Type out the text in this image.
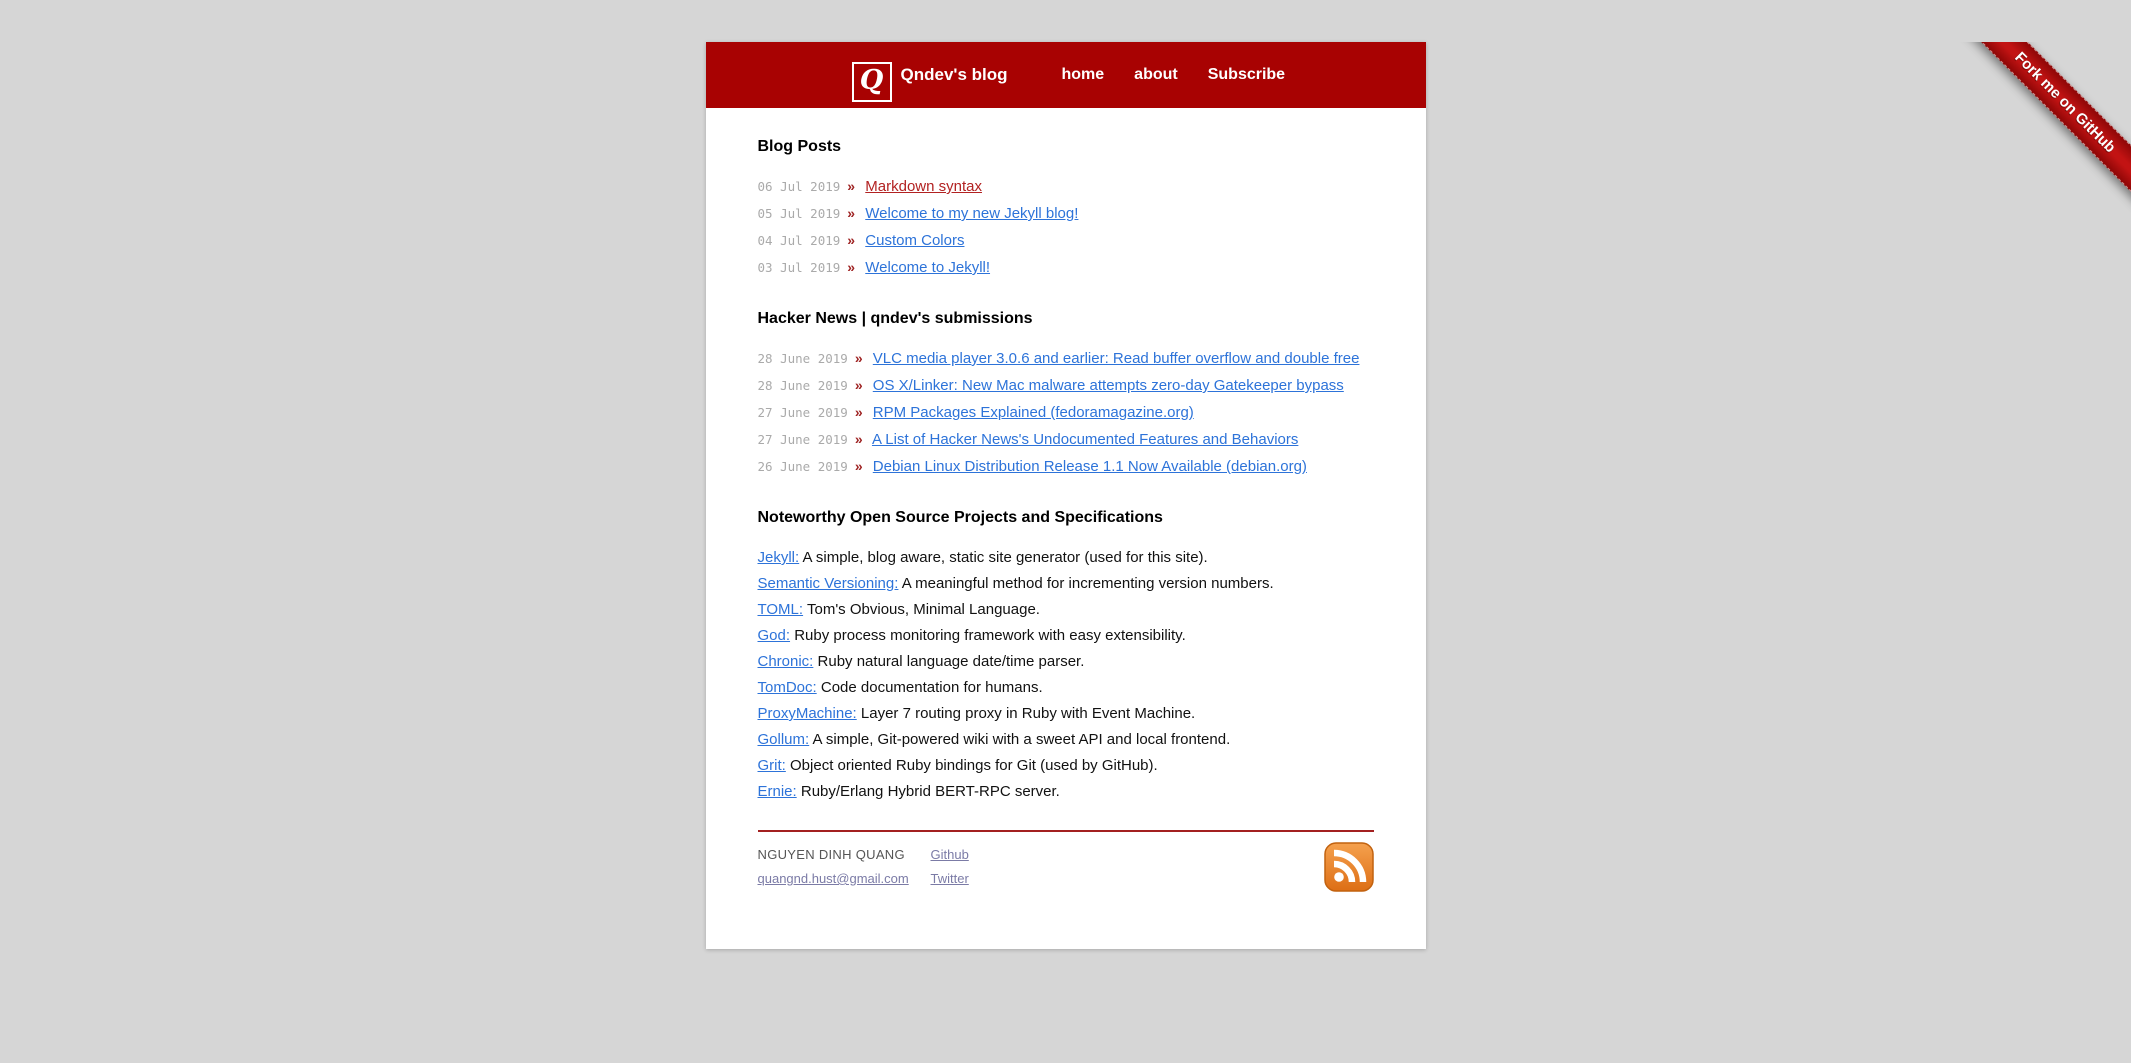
Fork me on GitHub
Q Qndev's blog	home about Subscribe
Blog Posts
06 Jul 2019 » Markdown syntax
05 Jul 2019 » Welcome to my new Jekyll blog!
04 Jul 2019 » Custom Colors
03 Jul 2019 » Welcome to Jekyll!
Hacker News | qndev's submissions
28 June 2019 » VLC media player 3.0.6 and earlier: Read buffer overflow and double free
28 June 2019 » OS X/Linker: New Mac malware attempts zero-day Gatekeeper bypass
27 June 2019 » RPM Packages Explained (fedoramagazine.org)
27 June 2019 » A List of Hacker News's Undocumented Features and Behaviors
26 June 2019 » Debian Linux Distribution Release 1.1 Now Available (debian.org)
Noteworthy Open Source Projects and Specifications
Jekyll: A simple, blog aware, static site generator (used for this site).
Semantic Versioning: A meaningful method for incrementing version numbers.
TOML: Tom's Obvious, Minimal Language.
God: Ruby process monitoring framework with easy extensibility.
Chronic: Ruby natural language date/time parser.
TomDoc: Code documentation for humans.
ProxyMachine: Layer 7 routing proxy in Ruby with Event Machine.
Gollum: A simple, Git-powered wiki with a sweet API and local frontend.
Grit: Object oriented Ruby bindings for Git (used by GitHub).
Ernie: Ruby/Erlang Hybrid BERT-RPC server.
NGUYEN DINH QUANG
quangnd.hust@gmail.com
Github
Twitter
